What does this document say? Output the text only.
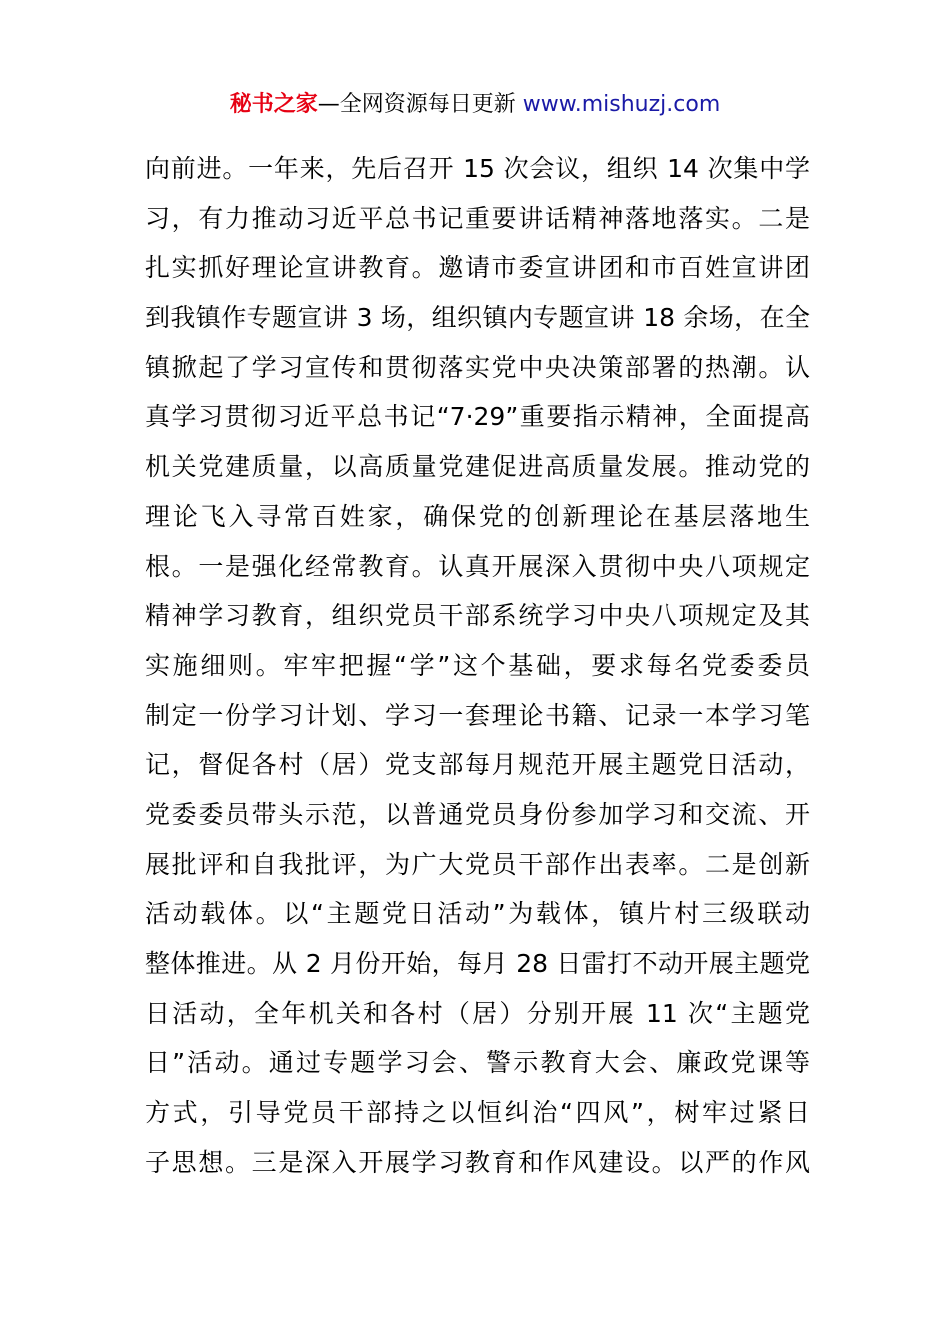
秘书之家—全网资源每日更新 www.mishuzj.com
向前进。一年来，先后召开 15 次会议，组织 14 次集中学
习，有力推动习近平总书记重要讲话精神落地落实。二是
扎实抓好理论宣讲教育。邀请市委宣讲团和市百姓宣讲团
到我镇作专题宣讲 3 场，组织镇内专题宣讲 18 余场，在全
镇掀起了学习宣传和贯彻落实党中央决策部署的热潮。认
真学习贯彻习近平总书记“7·29”重要指示精神，全面提高
机关党建质量，以高质量党建促进高质量发展。推动党的
理论飞入寻常百姓家，确保党的创新理论在基层落地生
根。一是强化经常教育。认真开展深入贯彻中央八项规定
精神学习教育，组织党员干部系统学习中央八项规定及其
实施细则。牢牢把握“学”这个基础，要求每名党委委员
制定一份学习计划、学习一套理论书籍、记录一本学习笔
记，督促各村（居）党支部每月规范开展主题党日活动，
党委委员带头示范，以普通党员身份参加学习和交流、开
展批评和自我批评，为广大党员干部作出表率。二是创新
活动载体。以“主题党日活动”为载体，镇片村三级联动
整体推进。从 2 月份开始，每月 28 日雷打不动开展主题党
日活动，全年机关和各村（居）分别开展 11 次“主题党
日”活动。通过专题学习会、警示教育大会、廉政党课等
方式，引导党员干部持之以恒纠治“四风”，树牢过紧日
子思想。三是深入开展学习教育和作风建设。以严的作风
